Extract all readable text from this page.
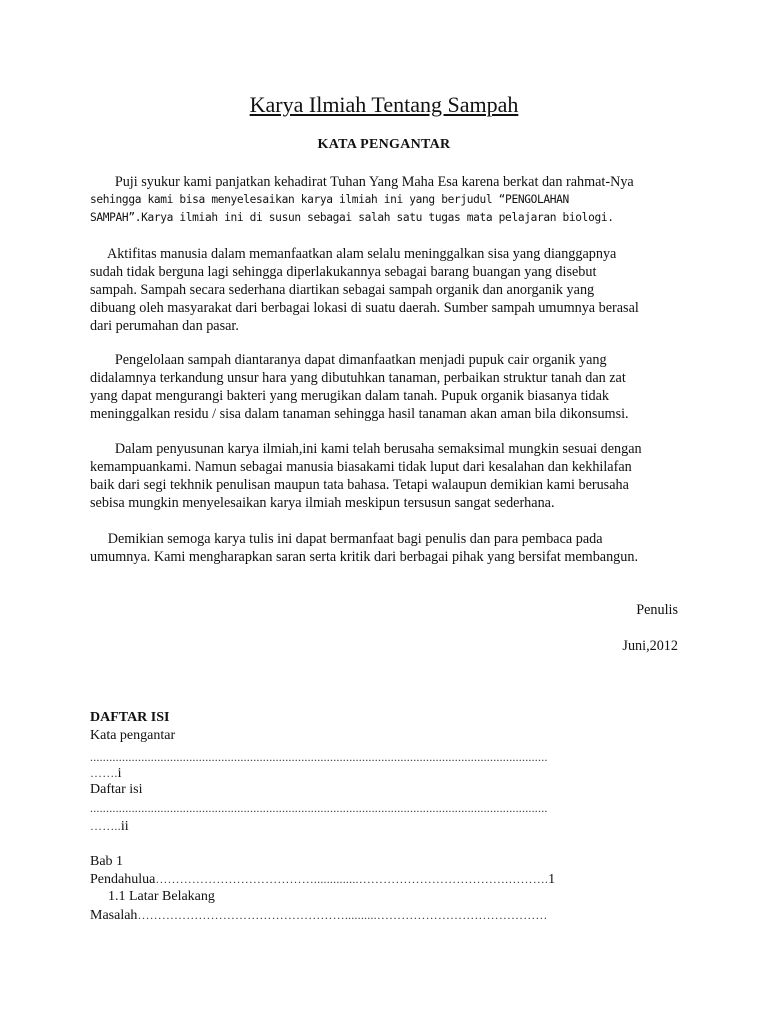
Karya Ilmiah Tentang Sampah
KATA PENGANTAR

Puji syukur kami panjatkan kehadirat Tuhan Yang Maha Esa karena berkat dan rahmat-Nya
sehingga kami bisa menyelesaikan karya ilmiah ini yang berjudul “PENGOLAHAN
SAMPAH”.Karya ilmiah ini di susun sebagai salah satu tugas mata pelajaran biologi.

Aktifitas manusia dalam memanfaatkan alam selalu meninggalkan sisa yang dianggapnya
sudah tidak berguna lagi sehingga diperlakukannya sebagai barang buangan yang disebut
sampah. Sampah secara sederhana diartikan sebagai sampah organik dan anorganik yang
dibuang oleh masyarakat dari berbagai lokasi di suatu daerah. Sumber sampah umumnya berasal
dari perumahan dan pasar.

Pengelolaan sampah diantaranya dapat dimanfaatkan menjadi pupuk cair organik yang
didalamnya terkandung unsur hara yang dibutuhkan tanaman, perbaikan struktur tanah dan zat
yang dapat mengurangi bakteri yang merugikan dalam tanah. Pupuk organik biasanya tidak
meninggalkan residu / sisa dalam tanaman sehingga hasil tanaman akan aman bila dikonsumsi.

Dalam penyusunan karya ilmiah,ini kami telah berusaha semaksimal mungkin sesuai dengan
kemampuankami. Namun sebagai manusia biasakami tidak luput dari kesalahan dan kekhilafan
baik dari segi tekhnik penulisan maupun tata bahasa. Tetapi walaupun demikian kami berusaha
sebisa mungkin menyelesaikan karya ilmiah meskipun tersusun sangat sederhana.

Demikian semoga karya tulis ini dapat bermanfaat bagi penulis dan para pembaca pada
umumnya. Kami mengharapkan saran serta kritik dari berbagai pihak yang bersifat membangun.

Penulis

Juni,2012

DAFTAR ISI

Kata pengantar

...............................................................................................................................................

…….i

Daftar isi

...............................................................................................................................................

……..ii

Bab 1

Pendahulua…………………………………..............……………………………….……….1

1.1 Latar Belakang

Masalah……………………………………………..........……………………………………
